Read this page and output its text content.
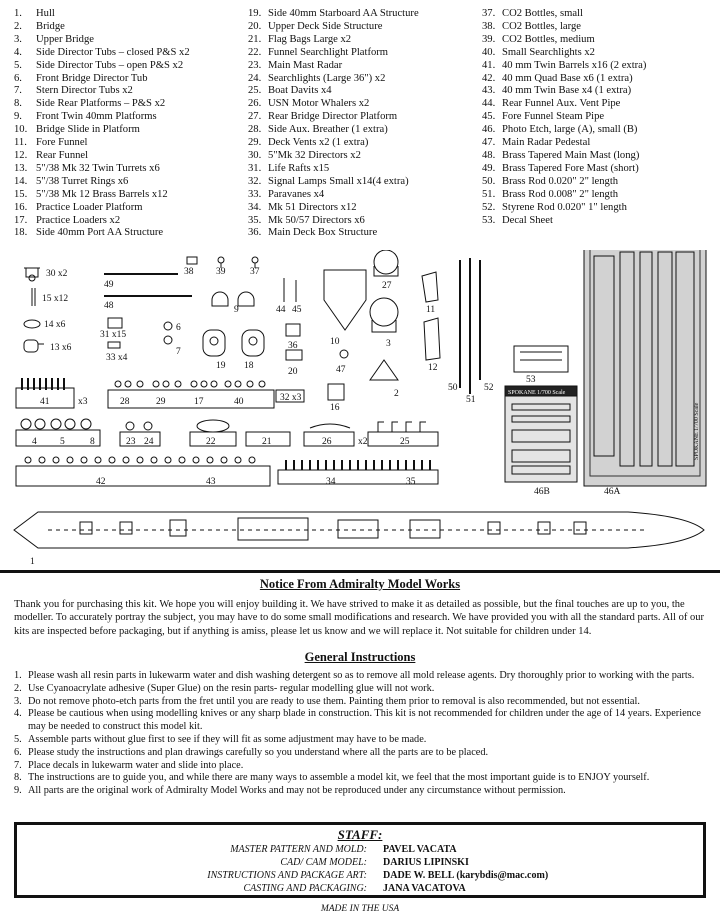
1.	Hull
2.	Bridge
3.	Upper Bridge
4.	Side Director Tubs – closed P&S x2
5.	Side Director Tubs – open P&S x2
6.	Front Bridge Director Tub
7.	Stern Director Tubs x2
8.	Side Rear Platforms – P&S x2
9.	Front Twin 40mm Platforms
10. Bridge Slide in Platform
11. Fore Funnel
12. Rear Funnel
13. 5"/38 Mk 32 Twin Turrets x6
14. 5"/38 Turret Rings x6
15. 5"/38 Mk 12 Brass Barrels x12
16. Practice Loader Platform
17. Practice Loaders x2
18. Side 40mm Port AA Structure
19. Side 40mm Starboard AA Structure
20. Upper Deck Side Structure
21. Flag Bags Large x2
22. Funnel Searchlight Platform
23. Main Mast Radar
24. Searchlights (Large 36") x2
25. Boat Davits x4
26. USN Motor Whalers x2
27. Rear Bridge Director Platform
28. Side Aux. Breather (1 extra)
29. Deck Vents x2 (1 extra)
30. 5"Mk 32 Directors x2
31. Life Rafts x15
32. Signal Lamps Small x14(4 extra)
33. Paravanes x4
34. Mk 51 Directors x12
35. Mk 50/57 Directors x6
36. Main Deck Box Structure
37. CO2 Bottles, small
38. CO2 Bottles, large
39. CO2 Bottles, medium
40. Small Searchlights x2
41. 40 mm Twin Barrels x16 (2 extra)
42. 40 mm Quad Base x6 (1 extra)
43. 40 mm Twin Base x4 (1 extra)
44. Rear Funnel Aux. Vent Pipe
45. Fore Funnel Steam Pipe
46. Photo Etch, large (A), small (B)
47. Main Radar Pedestal
48. Brass Tapered Main Mast (long)
49. Brass Tapered Fore Mast (short)
50. Brass Rod 0.020" 2" length
51. Brass Rod 0.008" 2" length
52. Styrene Rod 0.020" 1" length
53. Decal Sheet
30 x2
15 x12
14 x6
13 x6
38 39	37
49
48	9	44 45
27
11
31 x15
33 x4
6
7
19 18
36	10
20	47
3
12
2
50
51
52
53
41	x3	28	29	17	40	32 x3
16
4 5	8	23 24	22	21	26	x2	25
42	43	34	35
46B	46A
1
SPOKANE 1/700 Scale
SPOKANE 1/700 Scale
Notice From Admiralty Model Works
Thank you for purchasing this kit. We hope you will enjoy building it. We have strived to make it as detailed as possible, but the final touches are up to you, the modeller. To accurately portray the subject, you may have to do some small modifications and research. We have provided you with all the standard parts. All of our kits are inspected before packaging, but if anything is amiss, please let us know and we will replace it. Not suitable for children under 14.
General Instructions
1. Please wash all resin parts in lukewarm water and dish washing detergent so as to remove all mold release agents. Dry thoroughly prior to working with the parts.
2. Use Cyanoacrylate adhesive (Super Glue) on the resin parts- regular modelling glue will not work.
3. Do not remove photo-etch parts from the fret until you are ready to use them. Painting them prior to removal is also recommended, but not essential.
4. Please be cautious when using modelling knives or any sharp blade in construction. This kit is not recommended for children under the age of 14 years. Experience may be needed to construct this model kit.
5. Assemble parts without glue first to see if they will fit as some adjustment may have to be made.
6. Please study the instructions and plan drawings carefully so you understand where all the parts are to be placed.
7. Place decals in lukewarm water and slide into place.
8. The instructions are to guide you, and while there are many ways to assemble a model kit, we feel that the most important guide is to ENJOY yourself.
9. All parts are the original work of Admiralty Model Works and may not be reproduced under any circumstance without permission.
STAFF:
MASTER PATTERN AND MOLD: PAVEL VACATA
CAD/ CAM MODEL: DARIUS LIPINSKI
INSTRUCTIONS AND PACKAGE ART: DADE W. BELL (karybdis@mac.com)
CASTING AND PACKAGING: JANA VACATOVA
MADE IN THE USA
